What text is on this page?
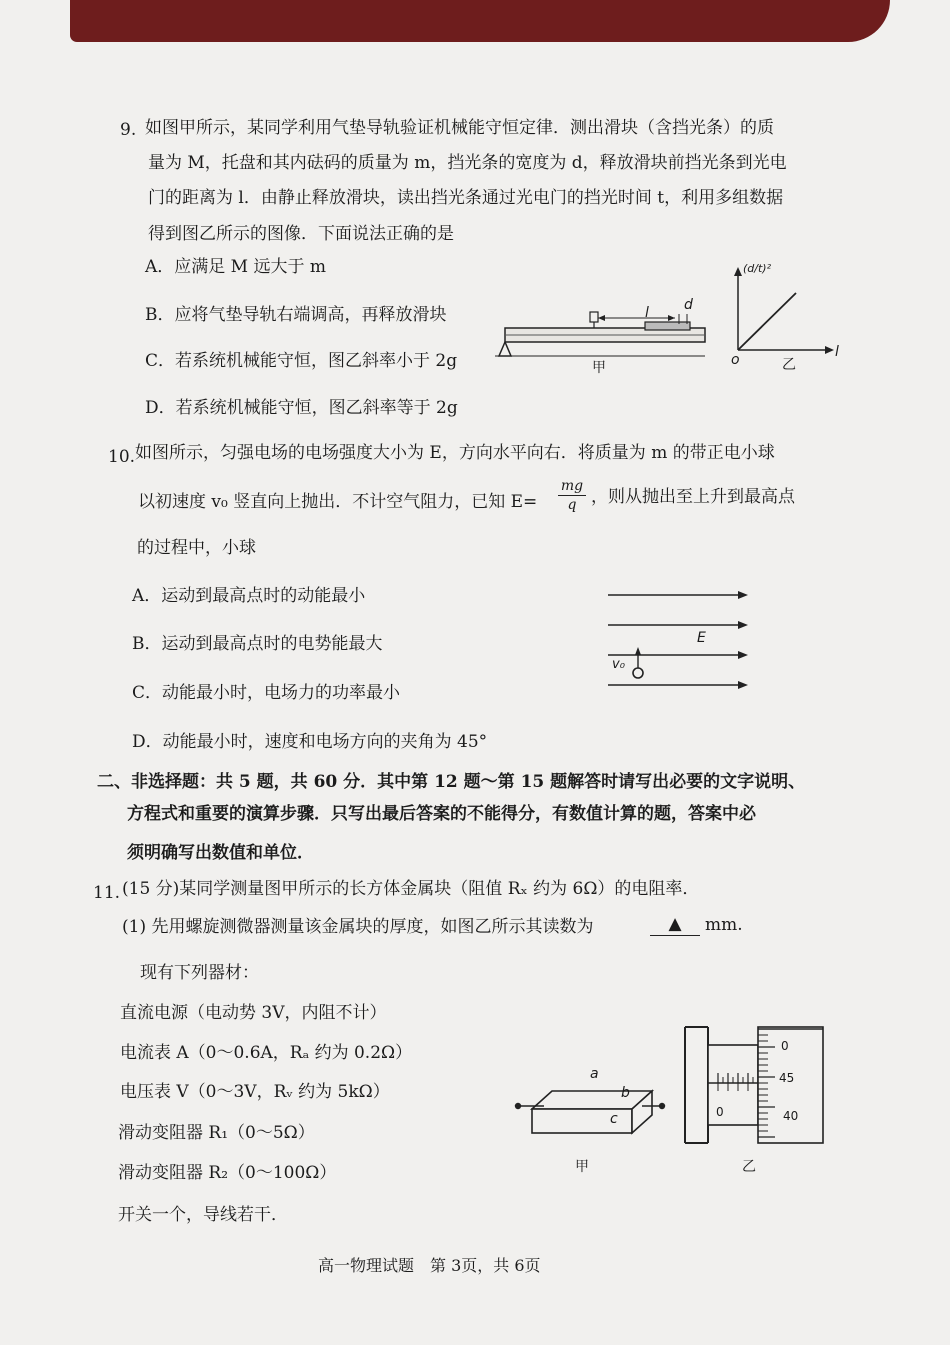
9. 如图甲所示，某同学利用气垫导轨验证机械能守恒定律．测出滑块（含挡光条）的质
量为 M，托盘和其内砝码的质量为 m，挡光条的宽度为 d，释放滑块前挡光条到光电
门的距离为 l．由静止释放滑块，读出挡光条通过光电门的挡光时间 t，利用多组数据
得到图乙所示的图像．下面说法正确的是
A．应满足 M 远大于 m
B．应将气垫导轨右端调高，再释放滑块
C．若系统机械能守恒，图乙斜率小于 2g
D．若系统机械能守恒，图乙斜率等于 2g
l	d
甲
(d/t)²
o	乙
l
10. 如图所示，匀强电场的电场强度大小为 E，方向水平向右．将质量为 m 的带正电小球
以初速度 v₀ 竖直向上抛出．不计空气阻力，已知 E=
mg
q ，则从抛出至上升到最高点
的过程中，小球
A．运动到最高点时的动能最小
B．运动到最高点时的电势能最大
C．动能最小时，电场力的功率最小
D．动能最小时，速度和电场方向的夹角为 45°
E
v₀
二、非选择题：共 5 题，共 60 分．其中第 12 题～第 15 题解答时请写出必要的文字说明、
方程式和重要的演算步骤．只写出最后答案的不能得分，有数值计算的题，答案中必
须明确写出数值和单位．
11. (15 分)某同学测量图甲所示的长方体金属块（阻值 Rₓ 约为 6Ω）的电阻率．
(1) 先用螺旋测微器测量该金属块的厚度，如图乙所示其读数为	▲	mm.
现有下列器材：
直流电源（电动势 3V，内阻不计）
电流表 A（0～0.6A，Rₐ 约为 0.2Ω）
电压表 V（0～3V，Rᵥ 约为 5kΩ）
滑动变阻器 R₁（0～5Ω）
滑动变阻器 R₂（0～100Ω）
开关一个，导线若干．
a
b
c
甲
0
45
40
0
乙
高一物理试题　第 3页，共 6页
